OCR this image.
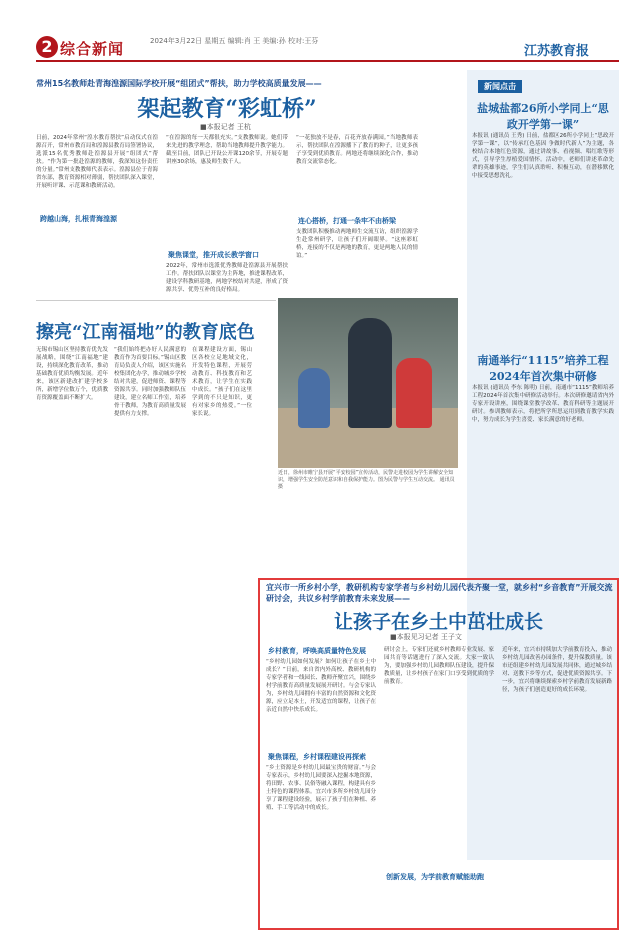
2 综合新闻	2024年3月22日 星期五 编辑:肖 王 美编:孙 校对:王芬
江苏教育报
常州15名教师赴青海湟源国际学校开展“组团式”帮扶，助力学校高质量发展——
架起教育“彩虹桥”
■本报记者 王杭
日前，2024年常州“湟水教育帮扶”启动仪式在湟源召开，常州市教育局和湟源县教育局签署协议，选派15名优秀教师赴湟源县开展“组团式”帮扶。“作为第一批赴湟源的教师，我深知这份责任的分量。”常州支教教师代表表示。湟源县位于青海省东部，教育资源相对薄弱，帮扶团队深入课堂，开展听评课、示范课和教研活动。
跨越山海，扎根青海湟源
“在湟源的每一天都很充实。”支教教师说。她们带来先进的教学理念，帮助当地教师提升教学能力。截至目前，团队已开设公开课120余节，开展专题讲座30余场，惠及师生数千人。
聚焦课堂，推开成长教学窗口
2022年，常州市选派优秀教师赴湟源县开展帮扶工作。帮扶团队以课堂为主阵地，推进课程改革，建设学科教研基地，两地学校结对共建，形成了资源共享、优势互补的良好格局。
“一花独放不是春，百花齐放春满园。”当地教师表示，帮扶团队在湟源播下了教育的种子，让更多孩子享受到优质教育。两地还将继续深化合作，推动教育交流常态化。
连心搭桥，打通一条牢不由桥梁
支教团队积极推动两地师生交流互访，组织湟源学生赴常州研学，让孩子们开阔眼界。“这座彩虹桥，连接的不仅是两地的教育，更是两地人民的情谊。”
新闻点击
盐城盐都26所小学同上“思政开学第一课”
本报讯 (通讯员 王秀) 日前，盐都区26所小学同上“思政开学第一课”，以“传承红色基因 争做时代新人”为主题，各校结合本地红色资源，通过讲故事、看视频、唱红歌等形式，引导学生厚植爱国情怀。活动中，老师们讲述革命先辈的英雄事迹，学生们认真聆听、积极互动，在潜移默化中接受思想洗礼。
南通举行“1115”培养工程2024年首次集中研修
本报讯 (通讯员 李东 陈明) 日前，南通市“1115”教师培养工程2024年首次集中研修活动举行。本次研修邀请省内外专家开设讲座，围绕课堂教学改革、教育科研等主题展开研讨。参训教师表示，将把所学所思运用到教育教学实践中，努力成长为学生喜爱、家长满意的好老师。
擦亮“江南福地”的教育底色
无锡市锡山区坚持教育优先发展战略，围绕“江南福地”建设，持续深化教育改革，推动基础教育优质均衡发展。近年来，该区新建改扩建学校多所，新增学位数万个，优质教育资源覆盖面不断扩大。
“我们始终把办好人民满意的教育作为首要目标。”锡山区教育局负责人介绍，该区实施名校集团化办学，推动城乡学校结对共建，促进师资、课程等资源共享。同时加强教师队伍建设，建立名师工作室，培养骨干教师，为教育高质量发展提供有力支撑。
在课程建设方面，锡山区各校立足地域文化，开发特色课程，开展劳动教育、科技教育和艺术教育，让学生在实践中成长。“孩子们在这里学到的不只是知识，更有对家乡的热爱。”一位家长说。
近日，徐州市睢宁县开展“平安校园”宣传活动，民警走进校园为学生讲解安全知识，增强学生安全防范意识和自我保护能力。图为民警与学生互动交流。 通讯员 摄
宜兴市一所乡村小学，教研机构专家学者与乡村幼儿园代表齐聚一堂，就乡村“乡音教育”开展交流研讨会，共议乡村学前教育未来发展——
让孩子在乡土中茁壮成长
■本报见习记者 王子文
乡村教育，呼唤高质量特色发展
“乡村幼儿园如何发展？如何让孩子在乡土中成长？”日前，来自省内外高校、教研机构的专家学者和一线园长、教师齐聚宜兴，围绕乡村学前教育高质量发展展开研讨。与会专家认为，乡村幼儿园拥有丰富的自然资源和文化资源，应立足本土，开发适宜的课程，让孩子在亲近自然中快乐成长。
聚焦课程，乡村课程建设再探索
“乡土资源是乡村幼儿园最宝贵的财富。”与会专家表示，乡村幼儿园要深入挖掘本地资源，将田野、农事、民俗等融入课程，构建具有乡土特色的课程体系。宜兴市多所乡村幼儿园分享了课程建设经验，展示了孩子们在种植、养殖、手工等活动中的成长。
研讨会上，专家们还就乡村教师专业发展、家园共育等话题进行了深入交流。大家一致认为，要加强乡村幼儿园教师队伍建设，提升保教质量，让乡村孩子在家门口享受到优质的学前教育。
创新发展，为学前教育赋能助跑
近年来，宜兴市持续加大学前教育投入，推动乡村幼儿园改善办园条件，提升保教质量。该市还组建乡村幼儿园发展共同体，通过城乡结对、送教下乡等方式，促进优质资源共享。下一步，宜兴将继续探索乡村学前教育发展新路径，为孩子们创造更好的成长环境。
